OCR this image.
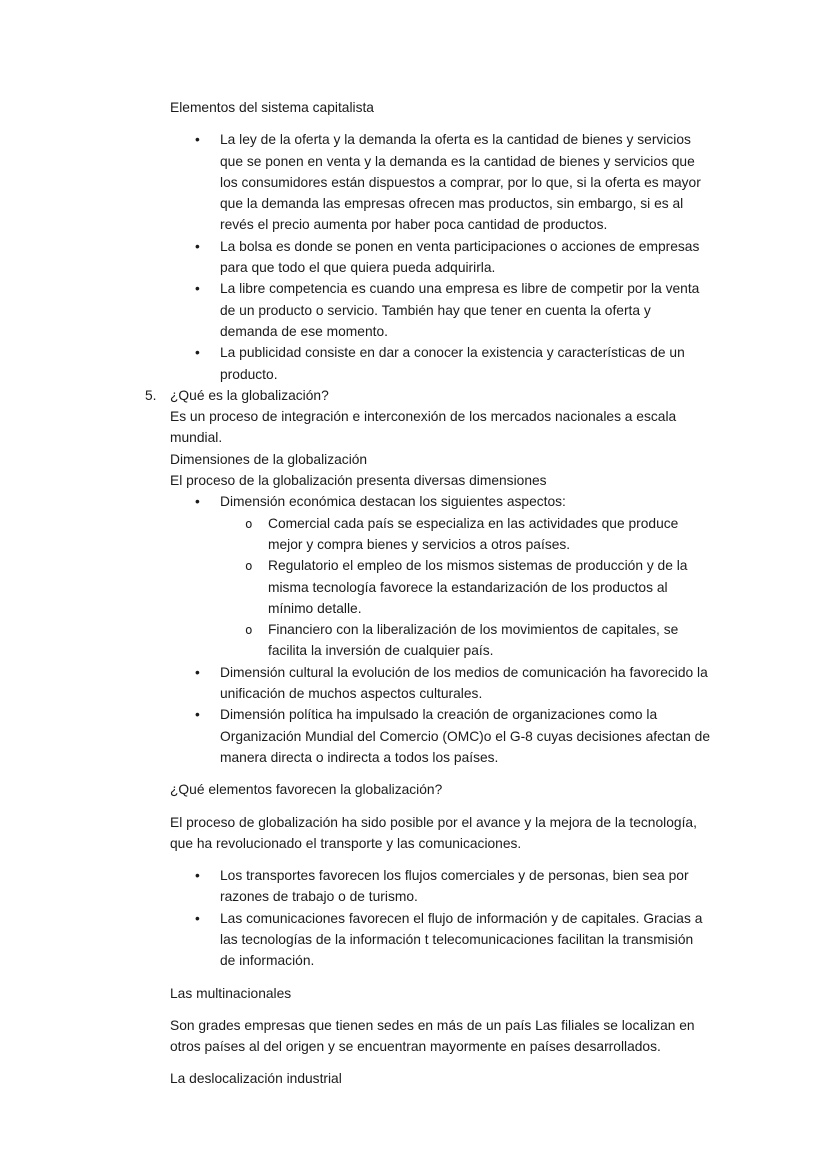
Elementos del sistema capitalista

•	La ley de la oferta y la demanda la oferta es la cantidad de bienes y servicios que se ponen en venta y la demanda es la cantidad de bienes y servicios que los consumidores están dispuestos a comprar, por lo que, si la oferta es mayor que la demanda las empresas ofrecen mas productos, sin embargo, si es al revés el precio aumenta por haber poca cantidad de productos.

•	La bolsa es donde se ponen en venta participaciones o acciones de empresas para que todo el que quiera pueda adquirirla.

•	La libre competencia es cuando una empresa es libre de competir por la venta de un producto o servicio. También hay que tener en cuenta la oferta y demanda de ese momento.

•	La publicidad consiste en dar a conocer la existencia y características de un producto.

5. ¿Qué es la globalización?

Es un proceso de integración e interconexión de los mercados nacionales a escala mundial.

Dimensiones de la globalización

El proceso de la globalización presenta diversas dimensiones

•	Dimensión económica destacan los siguientes aspectos:

o	Comercial cada país se especializa en las actividades que produce mejor y compra bienes y servicios a otros países.

o	Regulatorio el empleo de los mismos sistemas de producción y de la misma tecnología favorece la estandarización de los productos al mínimo detalle.

o	Financiero con la liberalización de los movimientos de capitales, se facilita la inversión de cualquier país.

•	Dimensión cultural la evolución de los medios de comunicación ha favorecido la unificación de muchos aspectos culturales.

•	Dimensión política ha impulsado la creación de organizaciones como la Organización Mundial del Comercio (OMC)o el G-8 cuyas decisiones afectan de manera directa o indirecta a todos los países.

¿Qué elementos favorecen la globalización?

El proceso de globalización ha sido posible por el avance y la mejora de la tecnología, que ha revolucionado el transporte y las comunicaciones.

•	Los transportes favorecen los flujos comerciales y de personas, bien sea por razones de trabajo o de turismo.

•	Las comunicaciones favorecen el flujo de información y de capitales. Gracias a las tecnologías de la información t telecomunicaciones facilitan la transmisión de información.

Las multinacionales

Son grades empresas que tienen sedes en más de un país Las filiales se localizan en otros países al del origen y se encuentran mayormente en países desarrollados.

La deslocalización industrial
